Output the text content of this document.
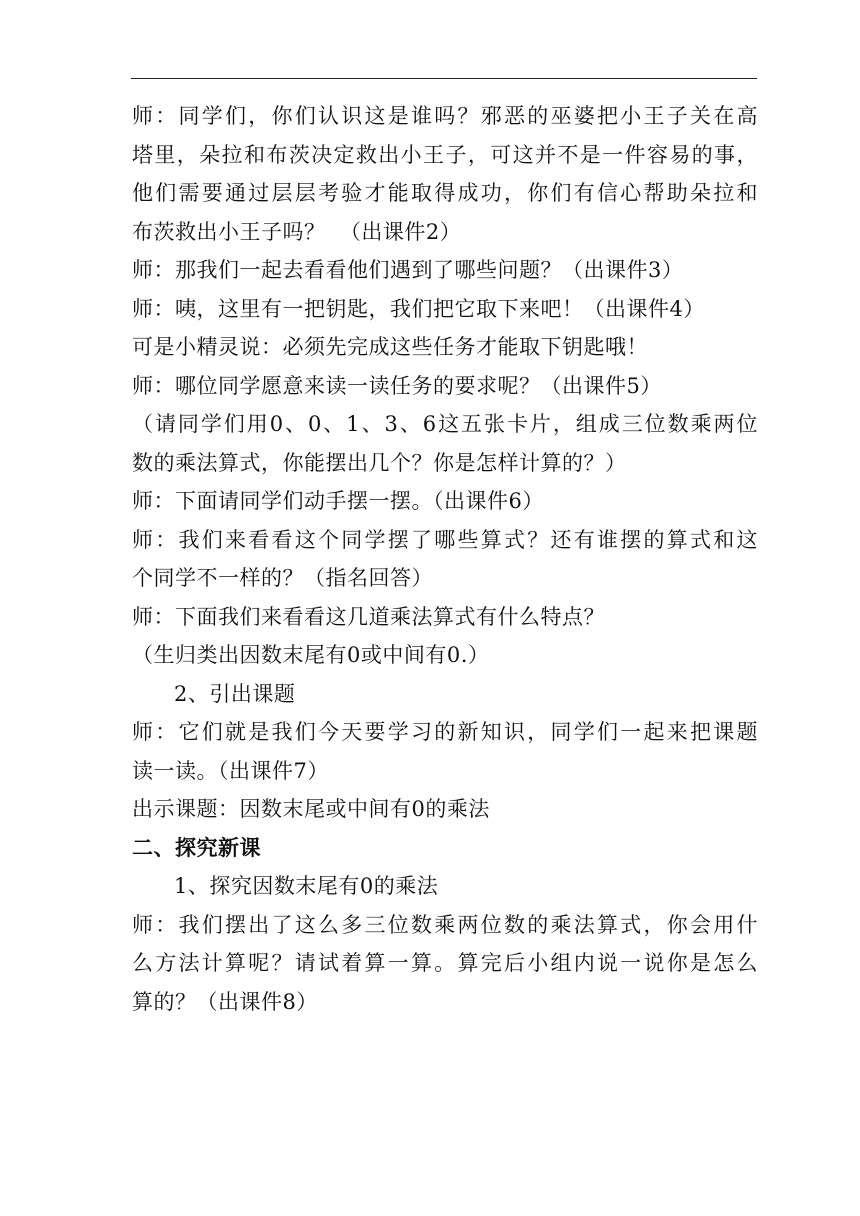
师：同学们，你们认识这是谁吗？邪恶的巫婆把小王子关在高
塔里，朵拉和布茨决定救出小王子，可这并不是一件容易的事，
他们需要通过层层考验才能取得成功，你们有信心帮助朵拉和
布茨救出小王子吗？  （出课件2）
师：那我们一起去看看他们遇到了哪些问题？（出课件3）
师：咦，这里有一把钥匙，我们把它取下来吧！（出课件4）
可是小精灵说：必须先完成这些任务才能取下钥匙哦！
师：哪位同学愿意来读一读任务的要求呢？（出课件5）
（请同学们用0、0、1、3、6这五张卡片，组成三位数乘两位
数的乘法算式，你能摆出几个？你是怎样计算的？）
师：下面请同学们动手摆一摆。（出课件6）
师：我们来看看这个同学摆了哪些算式？还有谁摆的算式和这
个同学不一样的？（指名回答）
师：下面我们来看看这几道乘法算式有什么特点？
（生归类出因数末尾有0或中间有0.）
2、引出课题
师：它们就是我们今天要学习的新知识，同学们一起来把课题
读一读。（出课件7）
出示课题：因数末尾或中间有0的乘法
二、探究新课
1、探究因数末尾有0的乘法
师：我们摆出了这么多三位数乘两位数的乘法算式，你会用什
么方法计算呢？请试着算一算。算完后小组内说一说你是怎么
算的？（出课件8）
